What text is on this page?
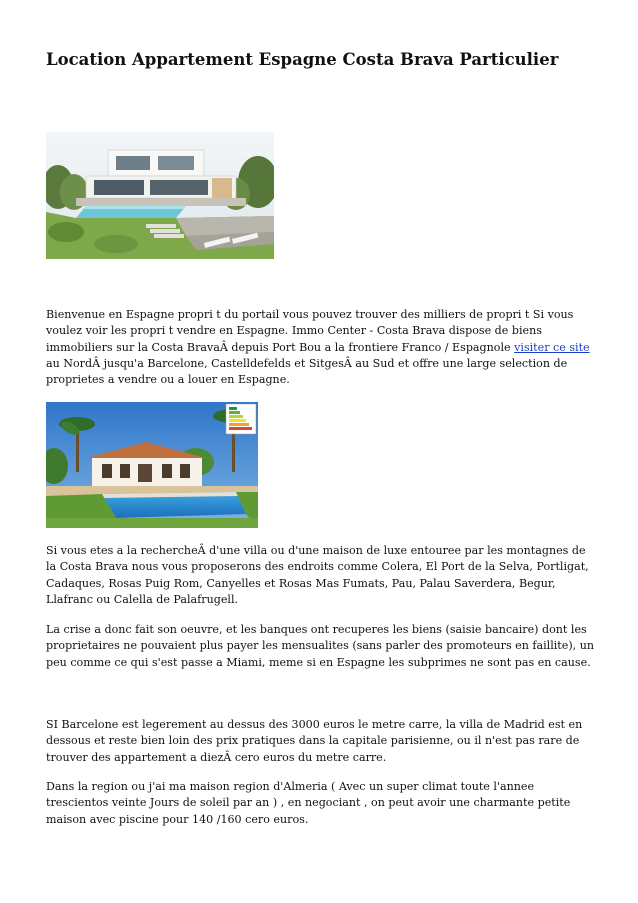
Location Appartement Espagne Costa Brava Particulier

Bienvenue en Espagne propri t du portail vous pouvez trouver des milliers de propri t Si vous voulez voir les propri t vendre en Espagne. Immo Center - Costa Brava dispose de biens immobiliers sur la Costa BravaÂ depuis Port Bou a la frontiere Franco / Espagnole visiter ce site au NordÂ jusqu'a Barcelone, Castelldefelds et SitgesÂ au Sud et offre une large selection de proprietes a vendre ou a louer en Espagne.

Si vous etes a la rechercheÂ d'une villa ou d'une maison de luxe entouree par les montagnes de la Costa Brava nous vous proposerons des endroits comme Colera, El Port de la Selva, Portligat, Cadaques, Rosas Puig Rom, Canyelles et Rosas Mas Fumats, Pau, Palau Saverdera, Begur, Llafranc ou Calella de Palafrugell.

La crise a donc fait son oeuvre, et les banques ont recuperes les biens (saisie bancaire) dont les proprietaires ne pouvaient plus payer les mensualites (sans parler des promoteurs en faillite), un peu comme ce qui s'est passe a Miami, meme si en Espagne les subprimes ne sont pas en cause.

SI Barcelone est legerement au dessus des 3000 euros le metre carre, la villa de Madrid est en dessous et reste bien loin des prix pratiques dans la capitale parisienne, ou il n'est pas rare de trouver des appartement a diezÂ cero euros du metre carre.

Dans la region ou j'ai ma maison region d'Almeria ( Avec un super climat toute l'annee trescientos veinte Jours de soleil par an ) , en negociant , on peut avoir une charmante petite maison avec piscine pour 140 /160 cero euros.
